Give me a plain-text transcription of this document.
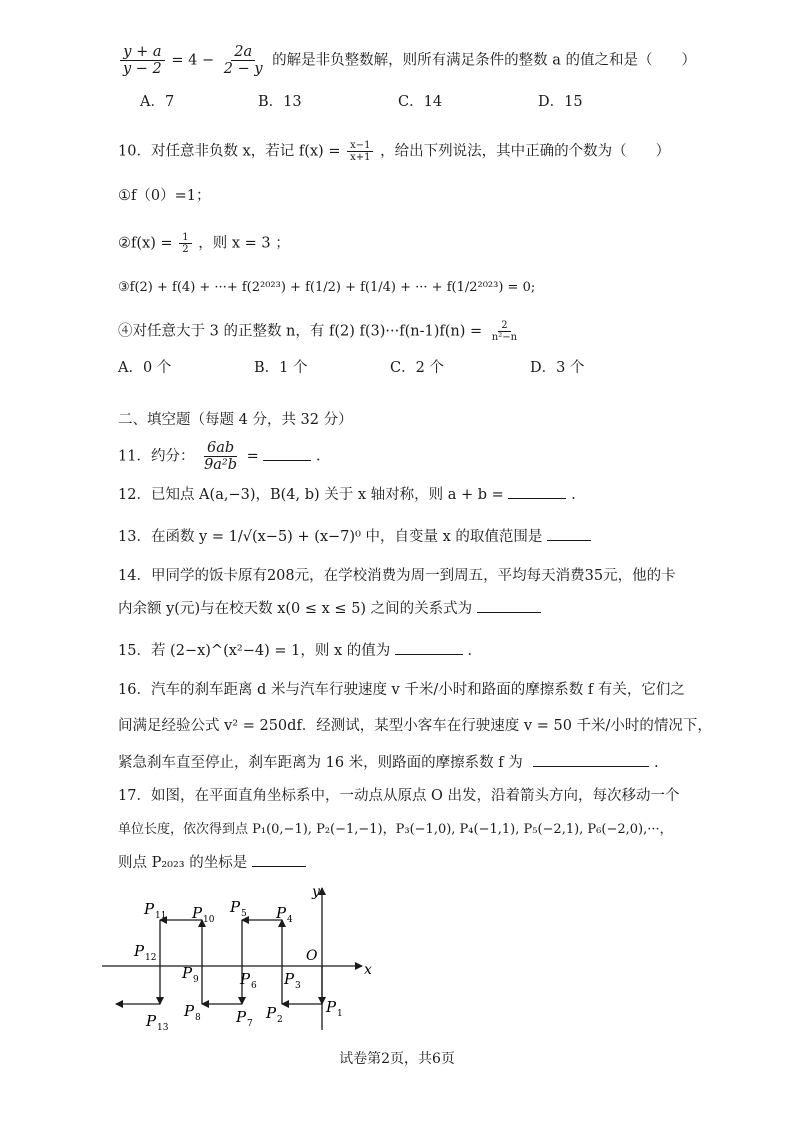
$\frac{y + a}{y - 2} = 4 - \frac{2a}{2 - y}$ 的解是非负整数解，则所有满足条件的整数 a 的值之和是（　　）
A．7	B．13	C．14	D．15
10．对任意非负数 x，若记 $f(x) = \frac{x-1}{x+1}$ ，给出下列说法，其中正确的个数为（　　）
①f（0）=1；
②f(x) = $\frac{1}{2}$ ，则 x = 3 ；
③f(2) + f(4) + ···+ f(2²⁰²³) + f(1/2) + f(1/4) + ··· + f(1/2²⁰²³) = 0;
④对任意大于 3 的正整数 n，有 f(2) $f(3)\cdot\cdot\cdot f(n-1)f(n) = \frac{2}{\text{n²−n}}$
A．0 个	B．1 个	C．2 个	D．3 个
二、填空题（每题 4 分，共 32 分）
11．约分： $\frac{6ab}{\text{9a²b}}$ =	.
12．已知点 A(a,−3)，B(4, b) 关于 x 轴对称，则 a + b =	.
13．在函数 y = 1/√(x−5) + (x−7)⁰ 中，自变量 x 的取值范围是
14．甲同学的饭卡原有208元，在学校消费为周一到周五，平均每天消费35元，他的卡
内余额 y(元)与在校天数 x(0 ≤ x ≤ 5) 之间的关系式为
15．若 (2−x)^(x²−4) = 1，则 x 的值为	.
16．汽车的刹车距离 d 米与汽车行驶速度 v 千米/小时和路面的摩擦系数 f 有关，它们之
间满足经验公式 v² = 250df．经测试，某型小客车在行驶速度 v = 50 千米/小时的情况下，
紧急刹车直至停止，刹车距离为 16 米，则路面的摩擦系数 f 为	.
17．如图，在平面直角坐标系中，一动点从原点 O 出发，沿着箭头方向，每次移动一个
单位长度，依次得到点 P₁(0,−1), P₂(−1,−1)，P₃(−1,0), P₄(−1,1), P₅(−2,1), P₆(−2,0),···，
则点 P₂₀₂₃ 的坐标是
x
y
O
P 1
P 2
P 3
P 4
P 5
P 6
P 7
P 8
P 9
P 10
P 11
P 12
P 13
试卷第2页，共6页
